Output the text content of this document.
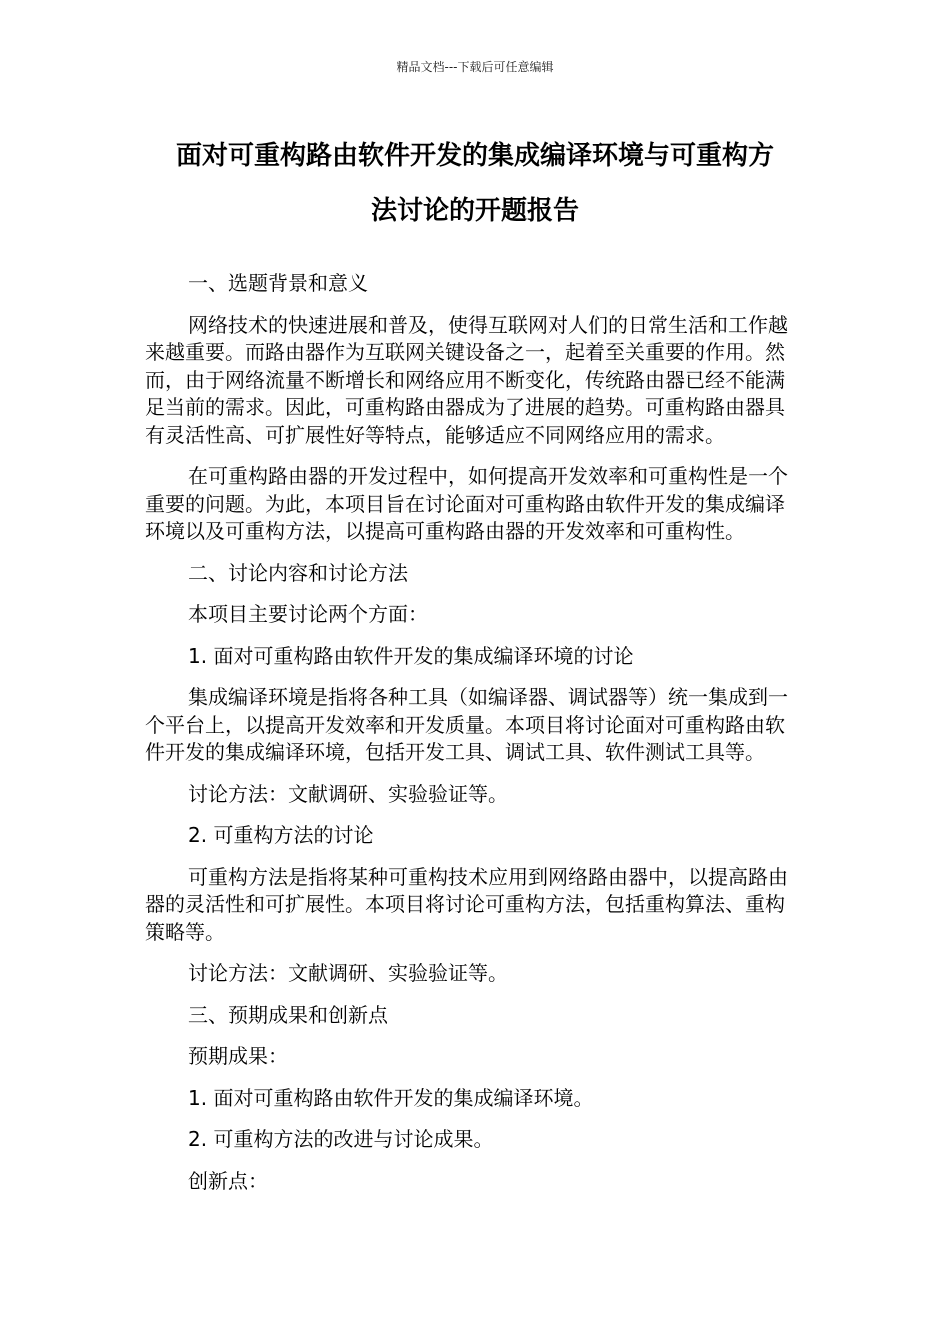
精品文档---下载后可任意编辑
面对可重构路由软件开发的集成编译环境与可重构方
法讨论的开题报告

一、选题背景和意义

网络技术的快速进展和普及，使得互联网对人们的日常生活和工作越来越重要。而路由器作为互联网关键设备之一，起着至关重要的作用。然而，由于网络流量不断增长和网络应用不断变化，传统路由器已经不能满足当前的需求。因此，可重构路由器成为了进展的趋势。可重构路由器具有灵活性高、可扩展性好等特点，能够适应不同网络应用的需求。

在可重构路由器的开发过程中，如何提高开发效率和可重构性是一个重要的问题。为此，本项目旨在讨论面对可重构路由软件开发的集成编译环境以及可重构方法，以提高可重构路由器的开发效率和可重构性。

二、讨论内容和讨论方法

本项目主要讨论两个方面：

1. 面对可重构路由软件开发的集成编译环境的讨论

集成编译环境是指将各种工具（如编译器、调试器等）统一集成到一个平台上，以提高开发效率和开发质量。本项目将讨论面对可重构路由软件开发的集成编译环境，包括开发工具、调试工具、软件测试工具等。

讨论方法：文献调研、实验验证等。

2. 可重构方法的讨论

可重构方法是指将某种可重构技术应用到网络路由器中，以提高路由器的灵活性和可扩展性。本项目将讨论可重构方法，包括重构算法、重构策略等。

讨论方法：文献调研、实验验证等。

三、预期成果和创新点

预期成果：

1. 面对可重构路由软件开发的集成编译环境。

2. 可重构方法的改进与讨论成果。

创新点：
